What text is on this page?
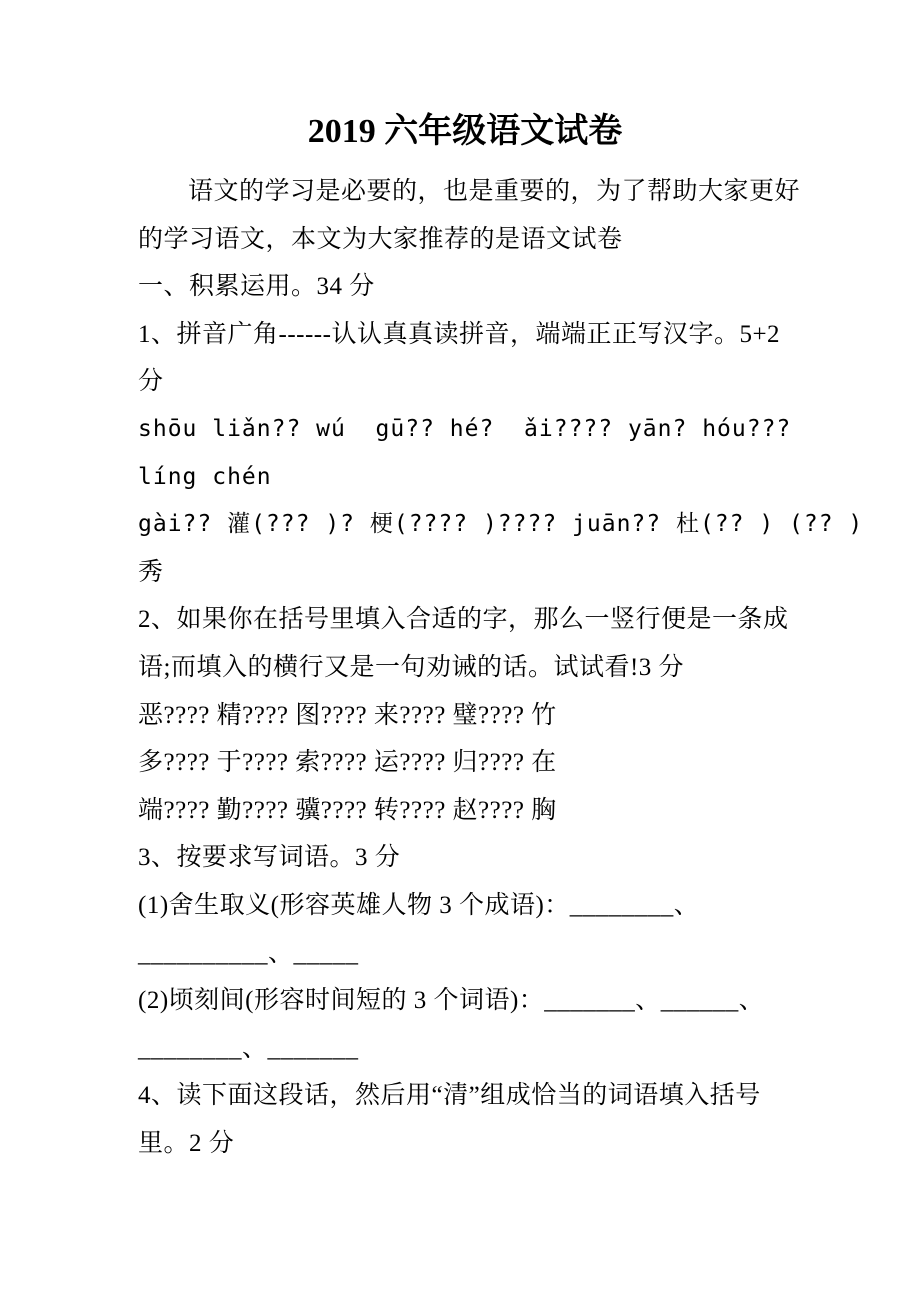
2019 六年级语文试卷
语文的学习是必要的，也是重要的，为了帮助大家更好
的学习语文，本文为大家推荐的是语文试卷
一、积累运用。34 分
1、拼音广角------认认真真读拼音，端端正正写汉字。5+2
分
shōu liǎn?? wú  gū?? hé?  ǎi???? yān? hóu???
líng chén
gài?? 灌(??? )? 梗(???? )???? juān?? 杜(?? ) (?? )
秀
2、如果你在括号里填入合适的字，那么一竖行便是一条成
语;而填入的横行又是一句劝诫的话。试试看!3 分
恶???? 精???? 图???? 来???? 璧???? 竹
多???? 于???? 索???? 运???? 归???? 在
端???? 勤???? 骥???? 转???? 赵???? 胸
3、按要求写词语。3 分
(1)舍生取义(形容英雄人物 3 个成语)：________、
__________、_____
(2)顷刻间(形容时间短的 3 个词语)：_______、______、
________、_______
4、读下面这段话，然后用“清”组成恰当的词语填入括号
里。2 分
